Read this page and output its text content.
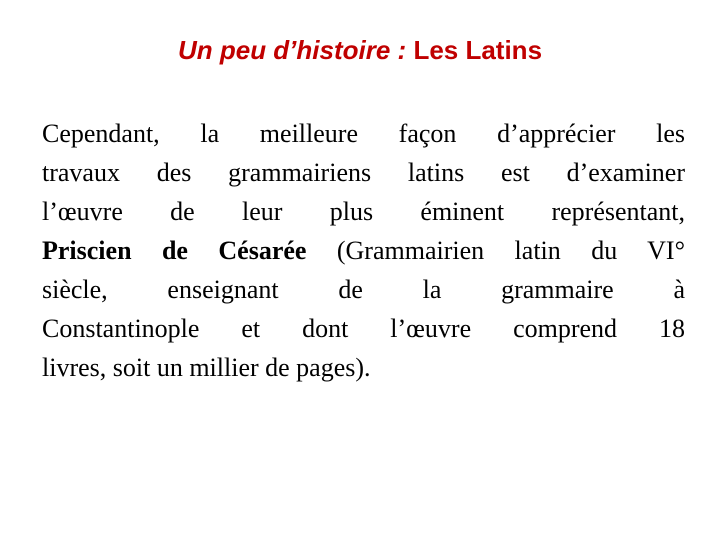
Un peu d’histoire : Les Latins
Cependant, la meilleure façon d’apprécier les
travaux des grammairiens latins est d’examiner
l’œuvre de leur plus éminent représentant,
Priscien de Césarée (Grammairien latin du VI°
siècle, enseignant de la grammaire à
Constantinople et dont l’œuvre comprend 18
livres, soit un millier de pages).
